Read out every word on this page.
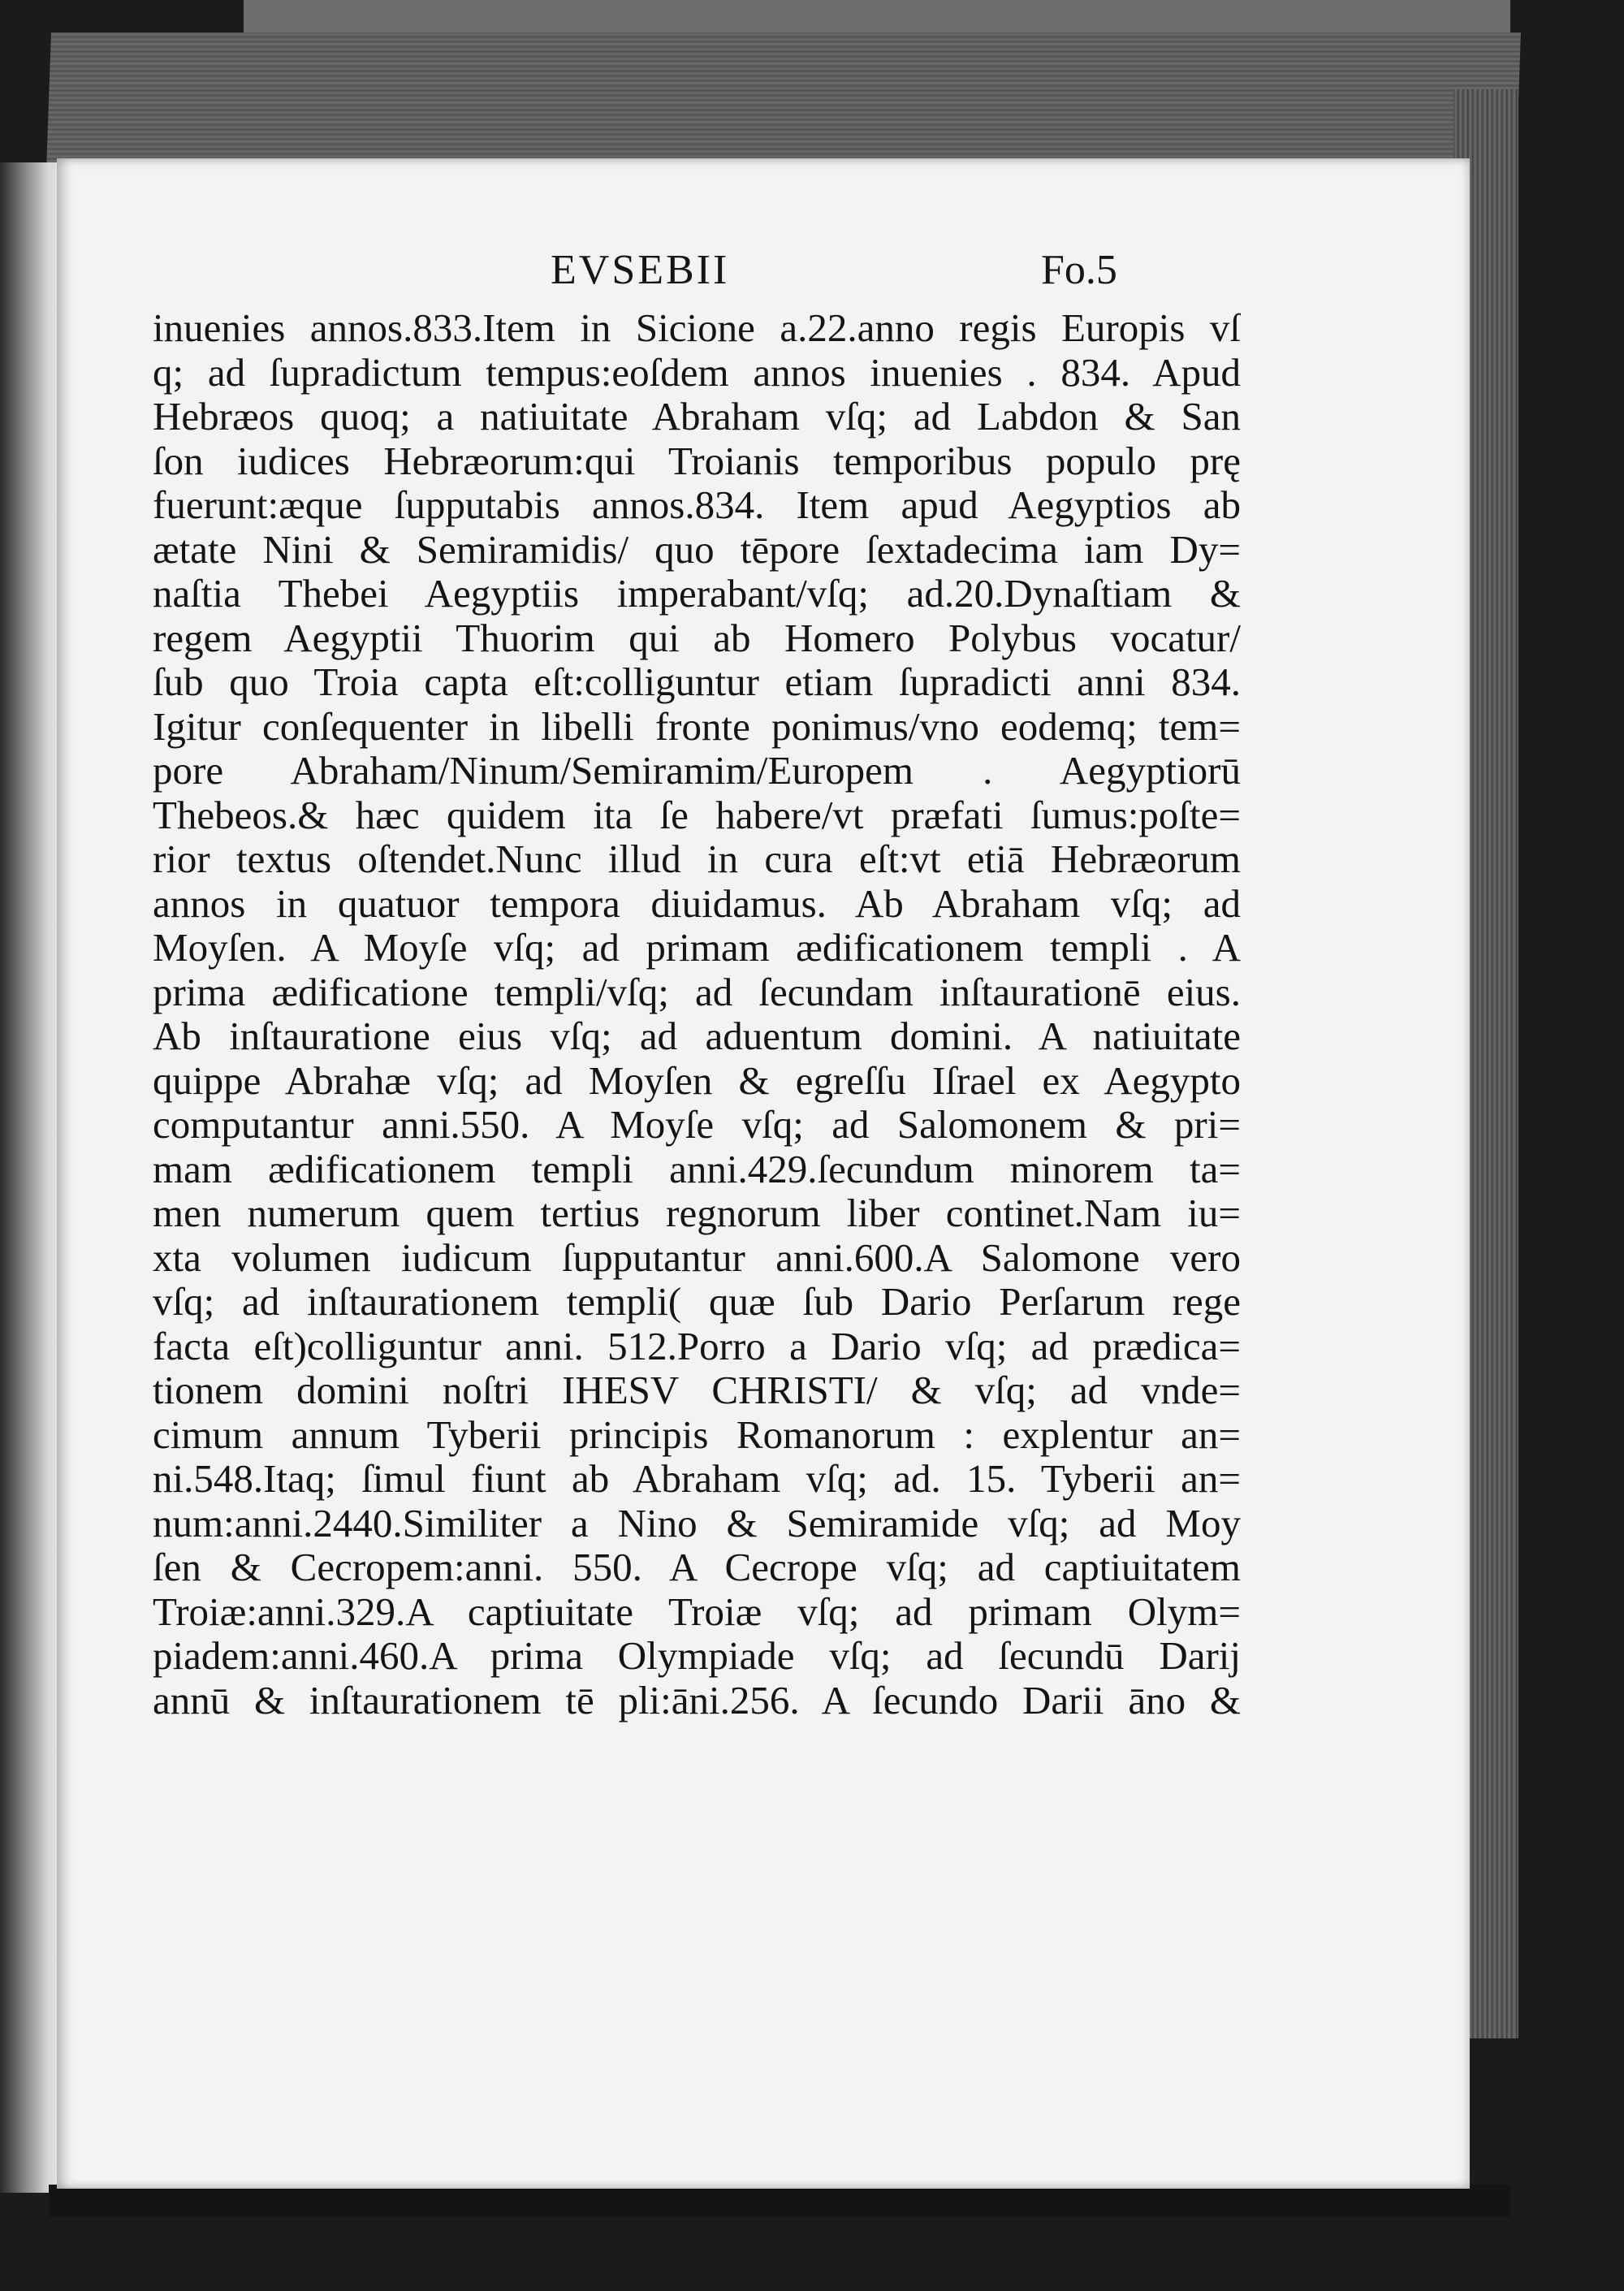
EVSEBII	Fo.5
inuenies annos.833.Item in Sicione a.22.anno regis Europis vſ
q; ad ſupradictum tempus:eoſdem annos inuenies . 834. Apud
Hebræos quoq; a natiuitate Abraham vſq; ad Labdon & San
ſon iudices Hebræorum:qui Troianis temporibus populo prę
fuerunt:æque ſupputabis annos.834. Item apud Aegyptios ab
ætate Nini & Semiramidis/ quo tēpore ſextadecima iam Dy=
naſtia Thebei Aegyptiis imperabant/vſq; ad.20.Dynaſtiam &
regem Aegyptii Thuorim qui ab Homero Polybus vocatur/
ſub quo Troia capta eſt:colliguntur etiam ſupradicti anni 834.
Igitur conſequenter in libelli fronte ponimus/vno eodemq; tem=
pore Abraham/Ninum/Semiramim/Europem . Aegyptiorū
Thebeos.& hæc quidem ita ſe habere/vt præfati ſumus:poſte=
rior textus oſtendet.Nunc illud in cura eſt:vt etiā Hebræorum
annos in quatuor tempora diuidamus. Ab Abraham vſq; ad
Moyſen. A Moyſe vſq; ad primam ædificationem templi . A
prima ædificatione templi/vſq; ad ſecundam inſtaurationē eius.
Ab inſtauratione eius vſq; ad aduentum domini. A natiuitate
quippe Abrahæ vſq; ad Moyſen & egreſſu Iſrael ex Aegypto
computantur anni.550. A Moyſe vſq; ad Salomonem & pri=
mam ædificationem templi anni.429.ſecundum minorem ta=
men numerum quem tertius regnorum liber continet.Nam iu=
xta volumen iudicum ſupputantur anni.600.A Salomone vero
vſq; ad inſtaurationem templi( quæ ſub Dario Perſarum rege
facta eſt)colliguntur anni. 512.Porro a Dario vſq; ad prædica=
tionem domini noſtri IHESV CHRISTI/ & vſq; ad vnde=
cimum annum Tyberii principis Romanorum : explentur an=
ni.548.Itaq; ſimul fiunt ab Abraham vſq; ad. 15. Tyberii an=
num:anni.2440.Similiter a Nino & Semiramide vſq; ad Moy
ſen & Cecropem:anni. 550. A Cecrope vſq; ad captiuitatem
Troiæ:anni.329.A captiuitate Troiæ vſq; ad primam Olym=
piadem:anni.460.A prima Olympiade vſq; ad ſecundū Darij
annū & inſtaurationem tē pli:āni.256. A ſecundo Darii āno &
